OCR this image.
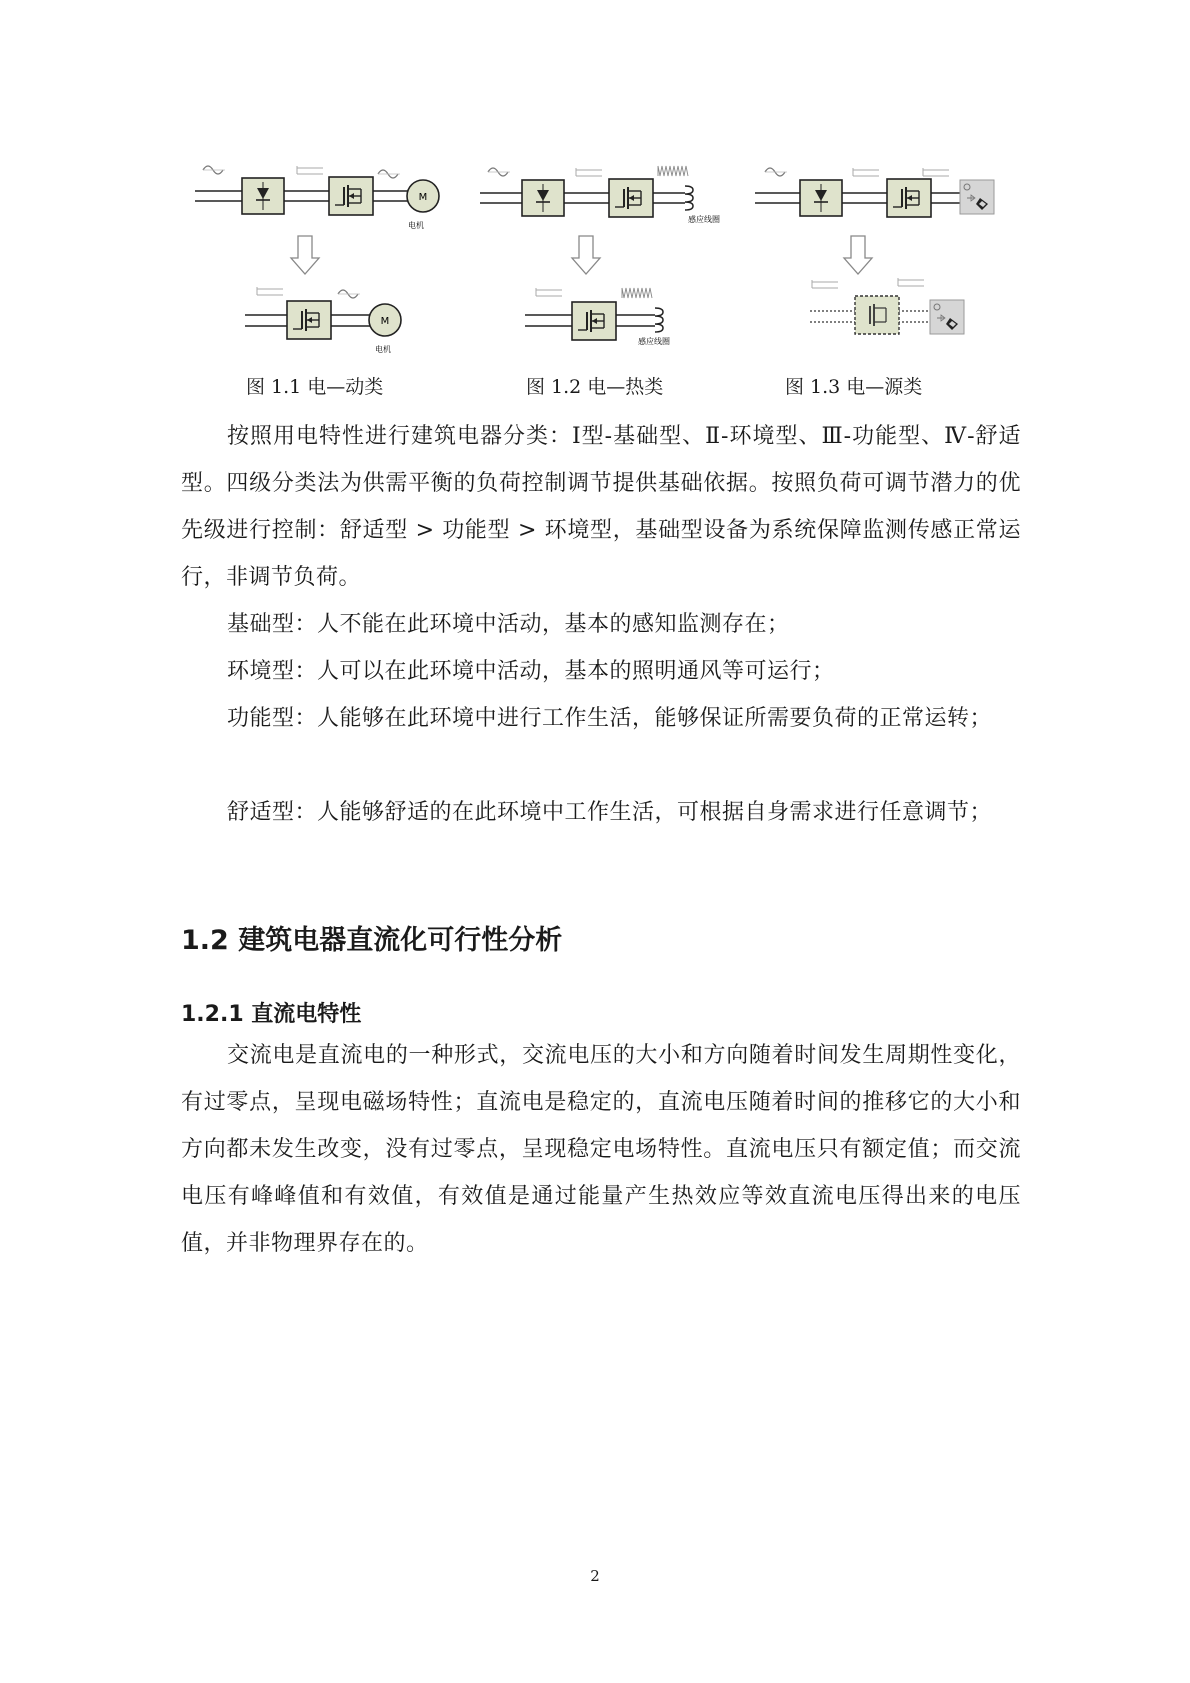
M
电机
M
电机
感应线圈
感应线圈
图 1.1 电—动类	图 1.2 电—热类	图 1.3 电—源类

按照用电特性进行建筑电器分类：Ⅰ型-基础型、Ⅱ-环境型、Ⅲ-功能型、Ⅳ-舒适型。四级分类法为供需平衡的负荷控制调节提供基础依据。按照负荷可调节潜力的优先级进行控制：舒适型 > 功能型 > 环境型，基础型设备为系统保障监测传感正常运行，非调节负荷。

基础型：人不能在此环境中活动，基本的感知监测存在；

环境型：人可以在此环境中活动，基本的照明通风等可运行；

功能型：人能够在此环境中进行工作生活，能够保证所需要负荷的正常运转；

舒适型：人能够舒适的在此环境中工作生活，可根据自身需求进行任意调节；

1.2 建筑电器直流化可行性分析
1.2.1 直流电特性

交流电是直流电的一种形式，交流电压的大小和方向随着时间发生周期性变化，有过零点，呈现电磁场特性；直流电是稳定的，直流电压随着时间的推移它的大小和方向都未发生改变，没有过零点，呈现稳定电场特性。直流电压只有额定值；而交流电压有峰峰值和有效值，有效值是通过能量产生热效应等效直流电压得出来的电压值，并非物理界存在的。

2
